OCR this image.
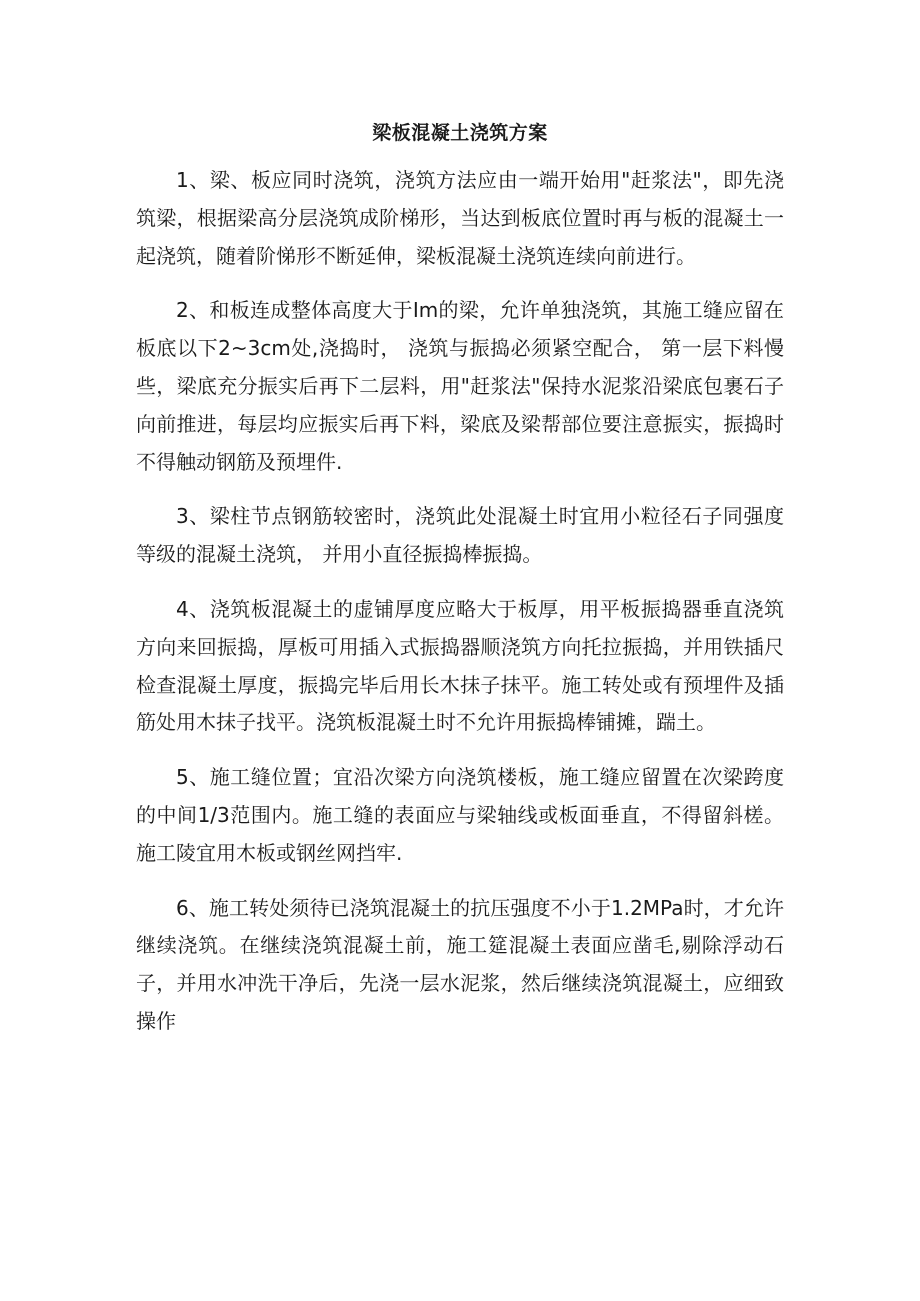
梁板混凝土浇筑方案

1、梁、板应同时浇筑，浇筑方法应由一端开始用"赶浆法"，即先浇筑梁，根据梁高分层浇筑成阶梯形，当达到板底位置时再与板的混凝土一起浇筑，随着阶悌形不断延伸，梁板混凝土浇筑连续向前进行。

2、和板连成整体高度大于Im的梁，允许单独浇筑，其施工缝应留在板底以下2~3cm处,浇捣时， 浇筑与振捣必须紧空配合， 第一层下料慢些，梁底充分振实后再下二层料，用"赶浆法"保持水泥浆沿梁底包裹石子向前推进，每层均应振实后再下料，梁底及梁帮部位要注意振实，振捣时不得触动钢筋及预埋件.

3、梁柱节点钢筋较密时，浇筑此处混凝土时宜用小粒径石子同强度等级的混凝土浇筑， 并用小直径振捣棒振捣。

4、浇筑板混凝土的虚铺厚度应略大于板厚，用平板振捣器垂直浇筑方向来回振捣，厚板可用插入式振捣器顺浇筑方向托拉振捣，并用铁插尺检查混凝土厚度，振捣完毕后用长木抹子抹平。施工转处或有预埋件及插筋处用木抹子找平。浇筑板混凝土时不允许用振捣棒铺摊，踹土。

5、施工缝位置；宜沿次梁方向浇筑楼板，施工缝应留置在次梁跨度的中间1/3范围内。施工缝的表面应与梁轴线或板面垂直，不得留斜槎。施工陵宜用木板或钢丝网挡牢.

6、施工转处须待已浇筑混凝土的抗压强度不小于1.2MPa时，才允许继续浇筑。在继续浇筑混凝土前，施工筵混凝土表面应凿毛,剔除浮动石子，并用水冲洗干净后，先浇一层水泥浆，然后继续浇筑混凝土，应细致操作
